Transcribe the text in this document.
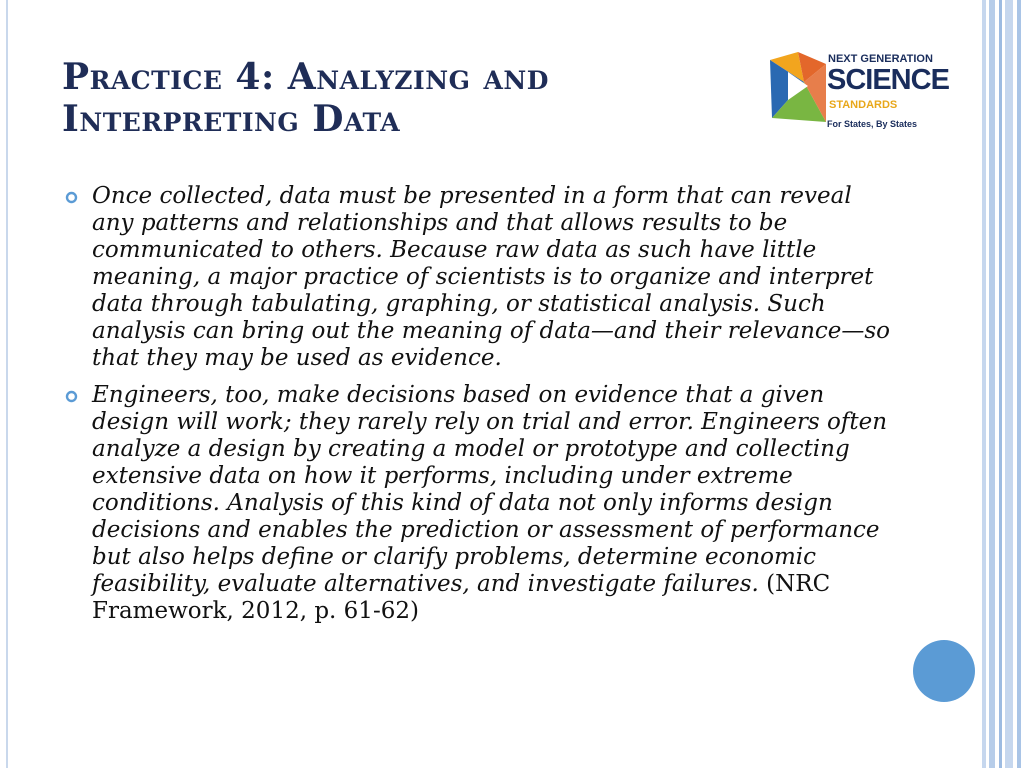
Practice 4: Analyzing and
Interpreting Data
NEXT GENERATION
SCIENCE
STANDARDS
For States, By States
Once collected, data must be presented in a form that can reveal any patterns and relationships and that allows results to be communicated to others. Because raw data as such have little meaning, a major practice of scientists is to organize and interpret data through tabulating, graphing, or statistical analysis. Such analysis can bring out the meaning of data—and their relevance—so that they may be used as evidence.
Engineers, too, make decisions based on evidence that a given design will work; they rarely rely on trial and error. Engineers often analyze a design by creating a model or prototype and collecting extensive data on how it performs, including under extreme conditions. Analysis of this kind of data not only informs design decisions and enables the prediction or assessment of performance but also helps define or clarify problems, determine economic feasibility, evaluate alternatives, and investigate failures. (NRC Framework, 2012, p. 61-62)
